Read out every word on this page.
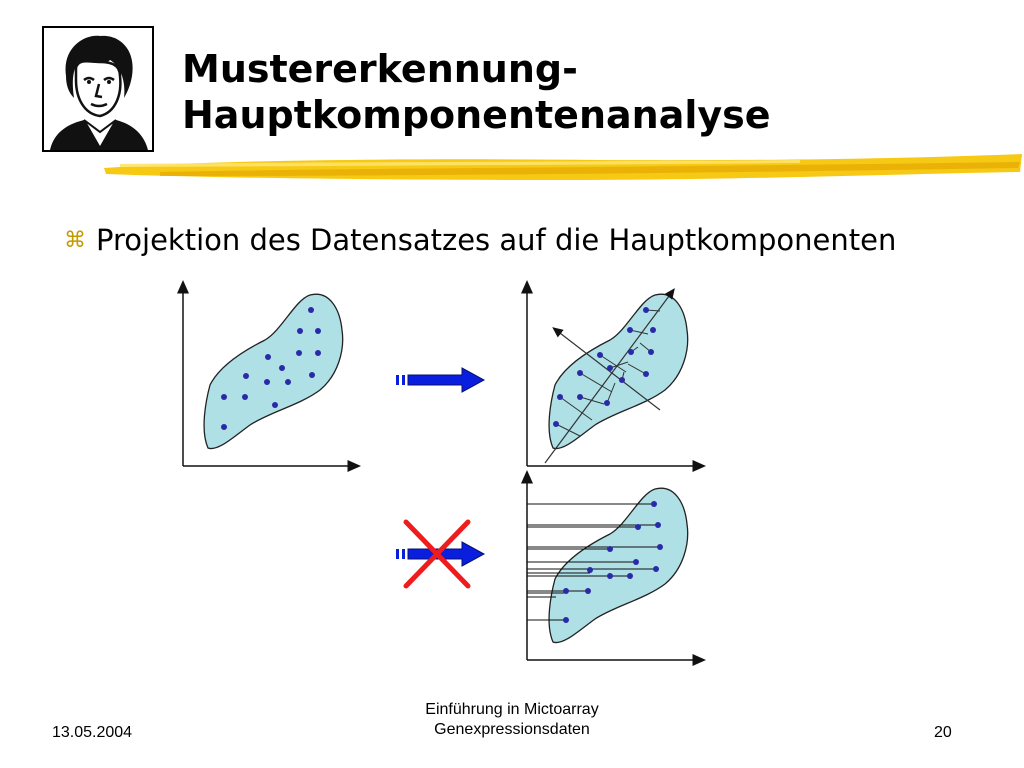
Mustererkennung-
Hauptkomponentenanalyse
⌘ Projektion des Datensatzes auf die Hauptkomponenten
13.05.2004
Einführung in Mictoarray
Genexpressionsdaten	20
